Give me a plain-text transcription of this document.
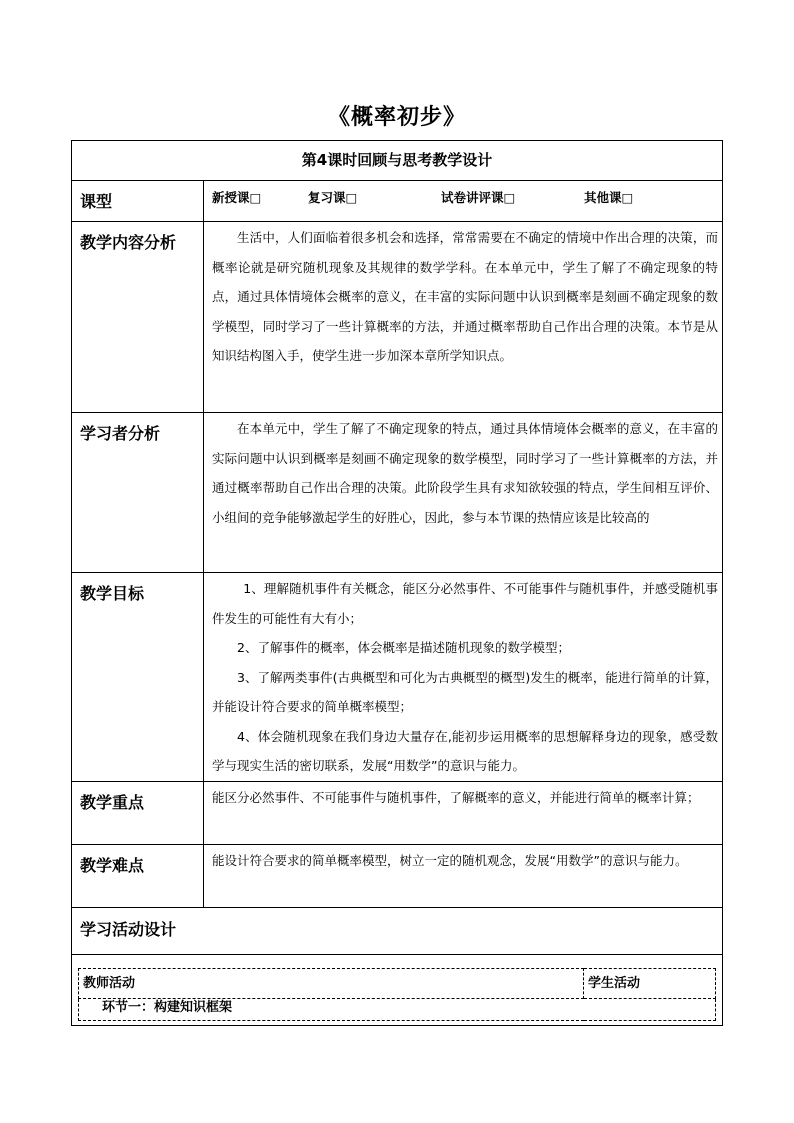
《概率初步》
第4课时回顾与思考教学设计
课型	新授课□	复习课□	试卷讲评课□	其他课□
教学内容分析	生活中，人们面临着很多机会和选择，常常需要在不确定的情境中作出合理的决策，而概率论就是研究随机现象及其规律的数学学科。在本单元中，学生了解了不确定现象的特点，通过具体情境体会概率的意义，在丰富的实际问题中认识到概率是刻画不确定现象的数学模型，同时学习了一些计算概率的方法，并通过概率帮助自己作出合理的决策。本节是从知识结构图入手，使学生进一步加深本章所学知识点。
学习者分析	在本单元中，学生了解了不确定现象的特点，通过具体情境体会概率的意义，在丰富的实际问题中认识到概率是刻画不确定现象的数学模型，同时学习了一些计算概率的方法，并通过概率帮助自己作出合理的决策。此阶段学生具有求知欲较强的特点，学生间相互评价、小组间的竞争能够激起学生的好胜心，因此，参与本节课的热情应该是比较高的
教学目标	1、理解随机事件有关概念，能区分必然事件、不可能事件与随机事件，并感受随机事件发生的可能性有大有小；
2、了解事件的概率，体会概率是描述随机现象的数学模型；
3、了解两类事件(古典概型和可化为古典概型的概型)发生的概率，能进行简单的计算，并能设计符合要求的简单概率模型；
4、体会随机现象在我们身边大量存在,能初步运用概率的思想解释身边的现象，感受数学与现实生活的密切联系，发展“用数学”的意识与能力。

教学重点	能区分必然事件、不可能事件与随机事件，了解概率的意义，并能进行简单的概率计算；
教学难点	能设计符合要求的简单概率模型，树立一定的随机观念，发展“用数学”的意识与能力。
学习活动设计

教师活动	学生活动
环节一：构建知识框架
